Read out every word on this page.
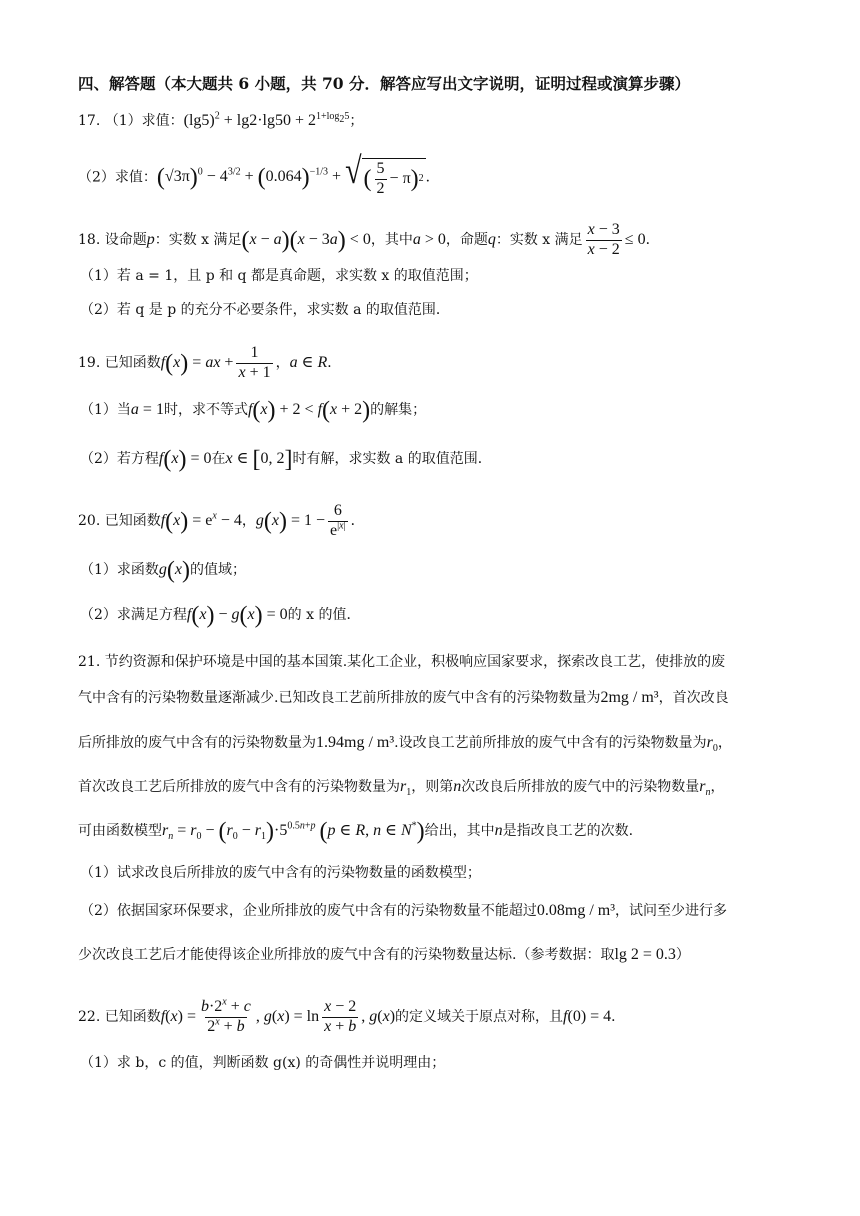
四、解答题（本大题共 6 小题，共 70 分．解答应写出文字说明，证明过程或演算步骤）
17. （1）求值：$(\lg 5)^2 + \lg 2\cdot\lg 50 + 2^{1+log_25}$；
（2）求值：$(√3\pi)^0 - 4^{3/2} + (0.064)^{-1/3}$ + √ ( $\frac{5}{2} - \pi$ ) 2 ．
18. 设命题p：实数 x 满足(x − a)(x − 3a) < 0，其中a > 0，命题q：实数 x 满足 $\frac{x - 3}{x - 2} \le 0$．
（1）若 a = 1，且 p 和 q 都是真命题，求实数 x 的取值范围；
（2）若 q 是 p 的充分不必要条件，求实数 a 的取值范围．
19. 已知函数f(x) = ax + $\frac{1}{x + 1}$ ，a ∈ R．
（1）当a = 1时，求不等式f(x) + 2 < f(x + 2)的解集；
（2）若方程f(x) = 0在x ∈ [0, 2]时有解，求实数 a 的取值范围．
20. 已知函数$f(x) = e^x - 4$，$g(x) = 1 - \frac{6}{e^{|x|}}$ ．
（1）求函数g(x)的值域；
（2）求满足方程f(x) − g(x) = 0的 x 的值．
21. 节约资源和保护环境是中国的基本国策.某化工企业，积极响应国家要求，探索改良工艺，使排放的废
气中含有的污染物数量逐渐减少.已知改良工艺前所排放的废气中含有的污染物数量为2mg / m³，首次改良
后所排放的废气中含有的污染物数量为1.94mg / m³.设改良工艺前所排放的废气中含有的污染物数量为$r_0$，
首次改良工艺后所排放的废气中含有的污染物数量为$r_1$，则第n次改良后所排放的废气中的污染物数量$r_n$，
可由函数模型$r_n = r_0 - (r_0 - r_1)\cdot 5^{0.5n+p}$ (p ∈ R, n ∈ N*)给出，其中n是指改良工艺的次数.
（1）试求改良后所排放的废气中含有的污染物数量的函数模型；
（2）依据国家环保要求，企业所排放的废气中含有的污染物数量不能超过0.08mg / m³，试问至少进行多
少次改良工艺后才能使得该企业所排放的废气中含有的污染物数量达标.（参考数据：取lg 2 = 0.3）
22. 已知函数$f(x) = \frac{b\cdot 2^x + c}{2^x + b}$ , $g(x) = \ln \frac{x - 2}{x + b}$ , g(x)的定义域关于原点对称，且f(0) = 4．
（1）求 b，c 的值，判断函数 g(x) 的奇偶性并说明理由；
